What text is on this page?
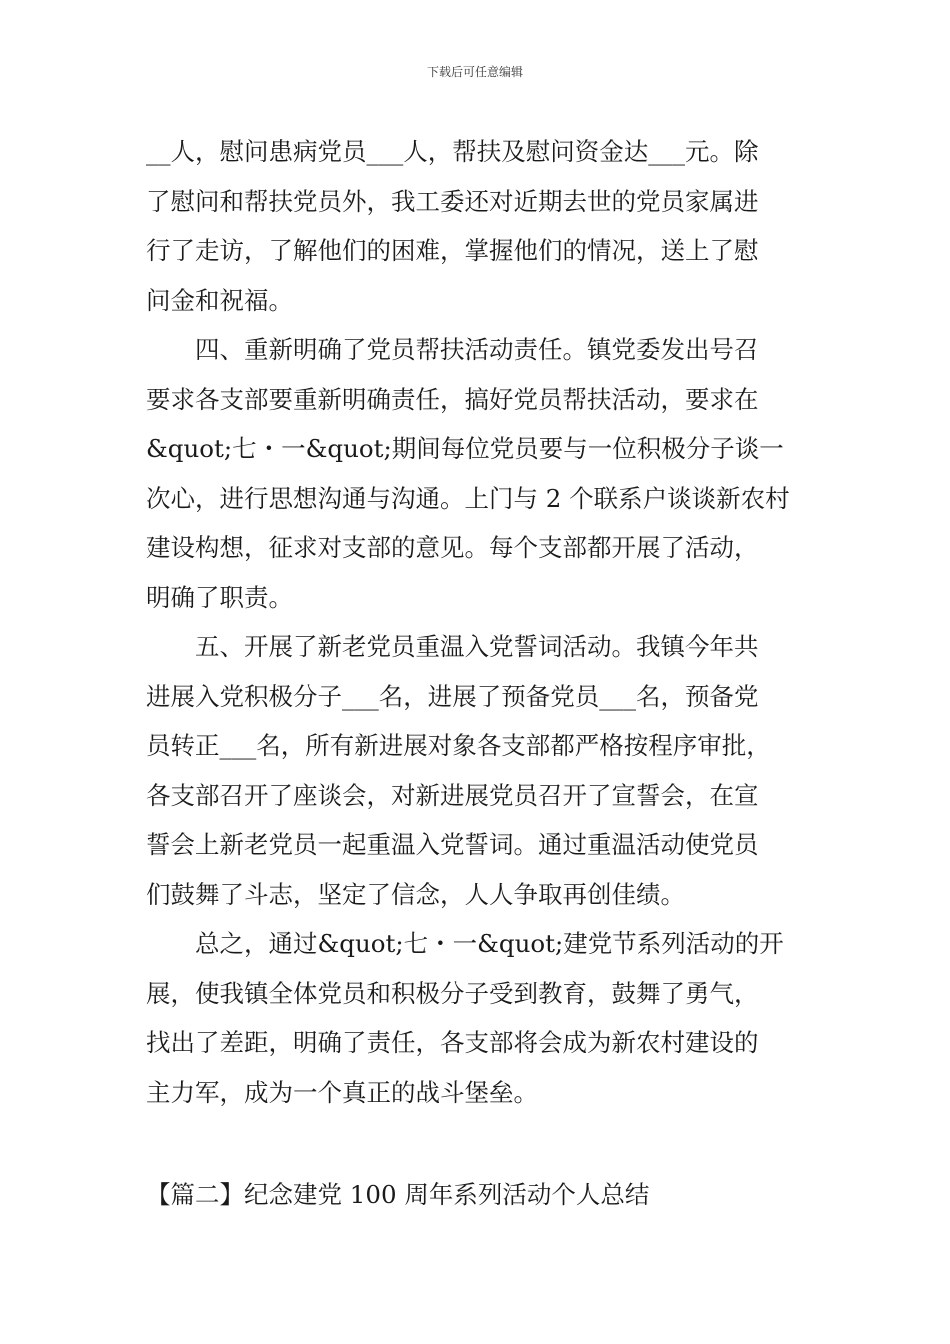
下载后可任意编辑
__人，慰问患病党员___人，帮扶及慰问资金达___元。除
了慰问和帮扶党员外，我工委还对近期去世的党员家属进
行了走访，了解他们的困难，掌握他们的情况，送上了慰
问金和祝福。
　　四、重新明确了党员帮扶活动责任。镇党委发出号召
要求各支部要重新明确责任，搞好党员帮扶活动，要求在
&quot;七・一&quot;期间每位党员要与一位积极分子谈一
次心，进行思想沟通与沟通。上门与 2 个联系户谈谈新农村
建设构想，征求对支部的意见。每个支部都开展了活动，
明确了职责。
　　五、开展了新老党员重温入党誓词活动。我镇今年共
进展入党积极分子___名，进展了预备党员___名，预备党
员转正___名，所有新进展对象各支部都严格按程序审批，
各支部召开了座谈会，对新进展党员召开了宣誓会，在宣
誓会上新老党员一起重温入党誓词。通过重温活动使党员
们鼓舞了斗志，坚定了信念，人人争取再创佳绩。
　　总之，通过&quot;七・一&quot;建党节系列活动的开
展，使我镇全体党员和积极分子受到教育，鼓舞了勇气，
找出了差距，明确了责任，各支部将会成为新农村建设的
主力军，成为一个真正的战斗堡垒。
【篇二】纪念建党 100 周年系列活动个人总结
